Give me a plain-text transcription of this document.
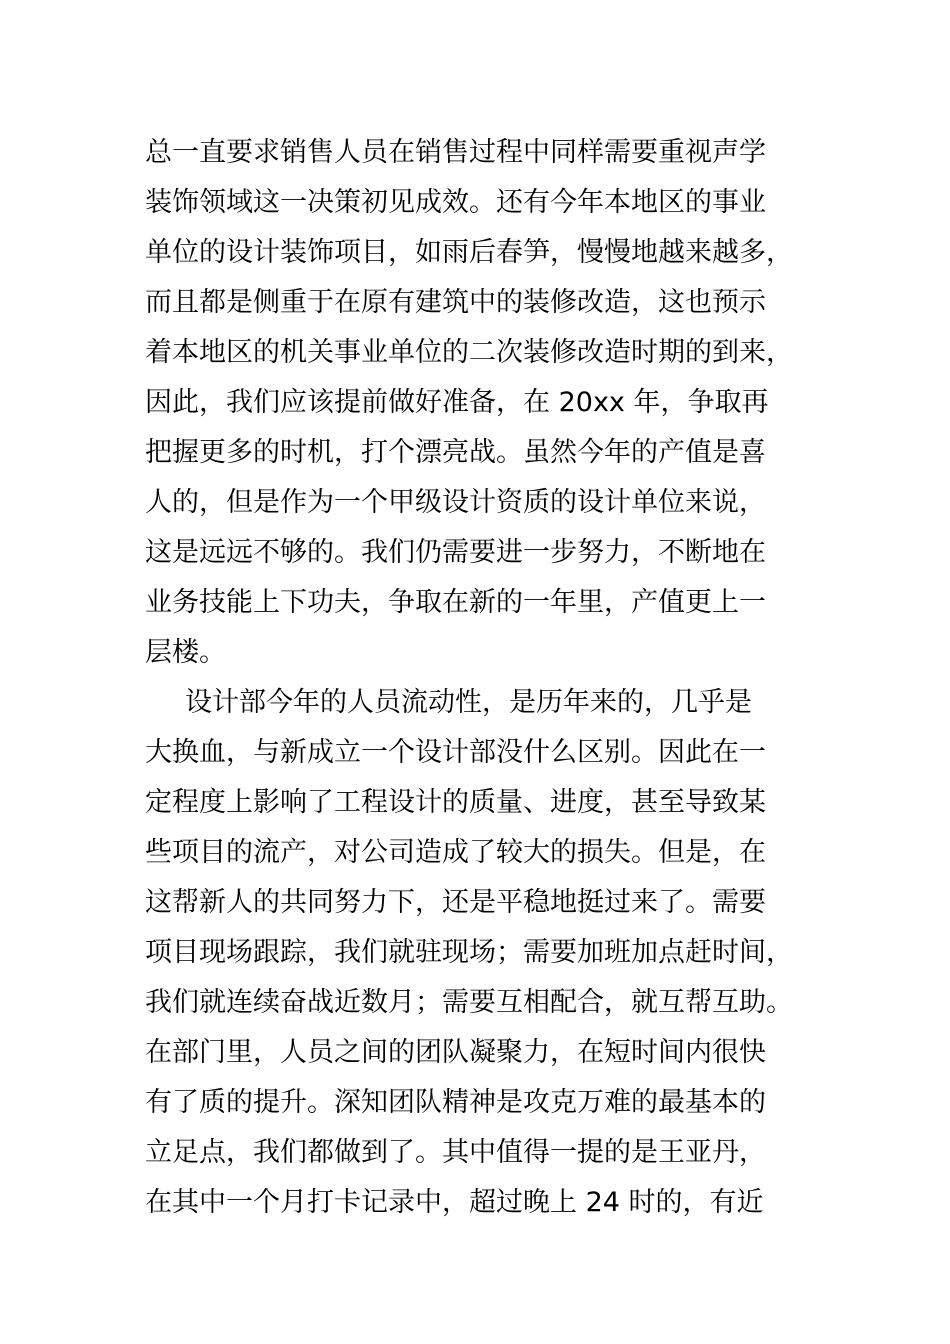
总一直要求销售人员在销售过程中同样需要重视声学
装饰领域这一决策初见成效。还有今年本地区的事业
单位的设计装饰项目，如雨后春笋，慢慢地越来越多，
而且都是侧重于在原有建筑中的装修改造，这也预示
着本地区的机关事业单位的二次装修改造时期的到来，
因此，我们应该提前做好准备，在 20xx 年，争取再
把握更多的时机，打个漂亮战。虽然今年的产值是喜
人的，但是作为一个甲级设计资质的设计单位来说，
这是远远不够的。我们仍需要进一步努力，不断地在
业务技能上下功夫，争取在新的一年里，产值更上一
层楼。
设计部今年的人员流动性，是历年来的，几乎是
大换血，与新成立一个设计部没什么区别。因此在一
定程度上影响了工程设计的质量、进度，甚至导致某
些项目的流产，对公司造成了较大的损失。但是，在
这帮新人的共同努力下，还是平稳地挺过来了。需要
项目现场跟踪，我们就驻现场；需要加班加点赶时间，
我们就连续奋战近数月；需要互相配合，就互帮互助。
在部门里，人员之间的团队凝聚力，在短时间内很快
有了质的提升。深知团队精神是攻克万难的最基本的
立足点，我们都做到了。其中值得一提的是王亚丹，
在其中一个月打卡记录中，超过晚上 24 时的，有近
